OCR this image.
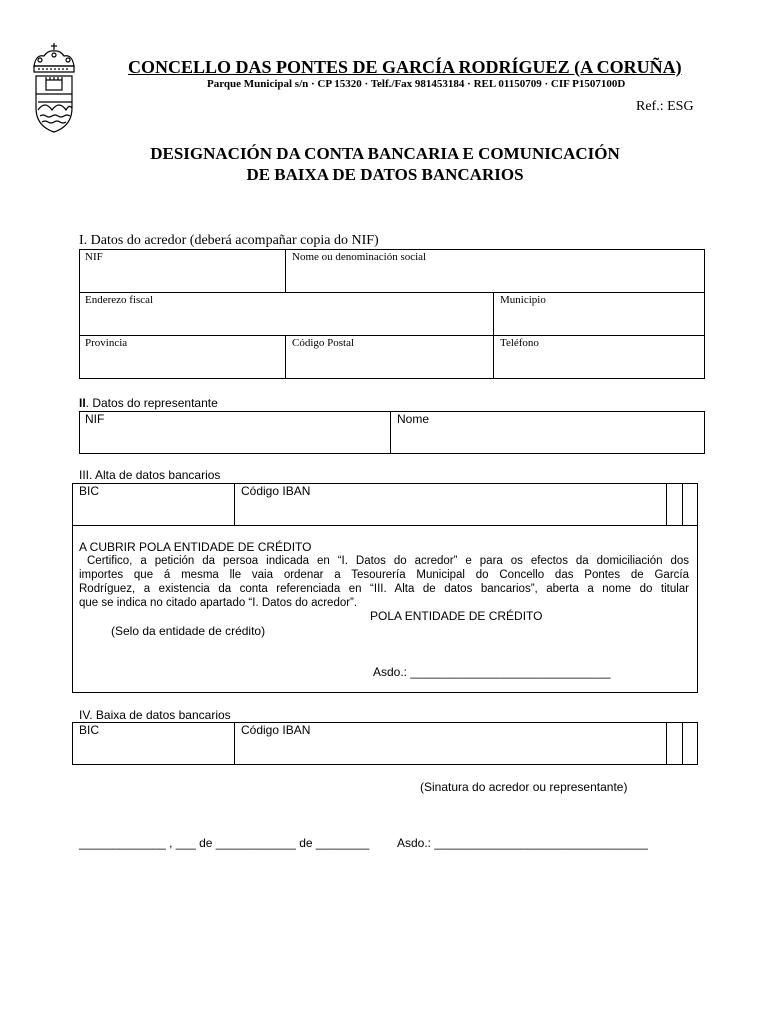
CONCELLO DAS PONTES DE GARCÍA RODRÍGUEZ (A CORUÑA)
Parque Municipal s/n · CP 15320 · Telf./Fax 981453184 · REL 01150709 · CIF P1507100D
Ref.: ESG
DESIGNACIÓN DA CONTA BANCARIA E COMUNICACIÓN
DE BAIXA DE DATOS BANCARIOS
I. Datos do acredor (deberá acompañar copia do NIF)
NIF	Nome ou denominación social
Enderezo fiscal	Municipio
Provincia	Código Postal	Teléfono
II. Datos do representante
NIF	Nome
III. Alta de datos bancarios
BIC	Código IBAN
A CUBRIR POLA ENTIDADE DE CRÉDITO
Certifico, a petición da persoa indicada en “I. Datos do acredor” e para os efectos da domiciliación dos
importes que á mesma lle vaia ordenar a Tesourería Municipal do Concello das Pontes de García
Rodríguez, a existencia da conta referenciada en “III. Alta de datos bancarios”, aberta a nome do titular
que se indica no citado apartado “I. Datos do acredor”.
POLA ENTIDADE DE CRÉDITO
(Selo da entidade de crédito)
Asdo.: ______________________________
IV. Baixa de datos bancarios
BIC	Código IBAN
(Sinatura do acredor ou representante)
_____________ , ___ de ____________ de ________ Asdo.: ________________________________
